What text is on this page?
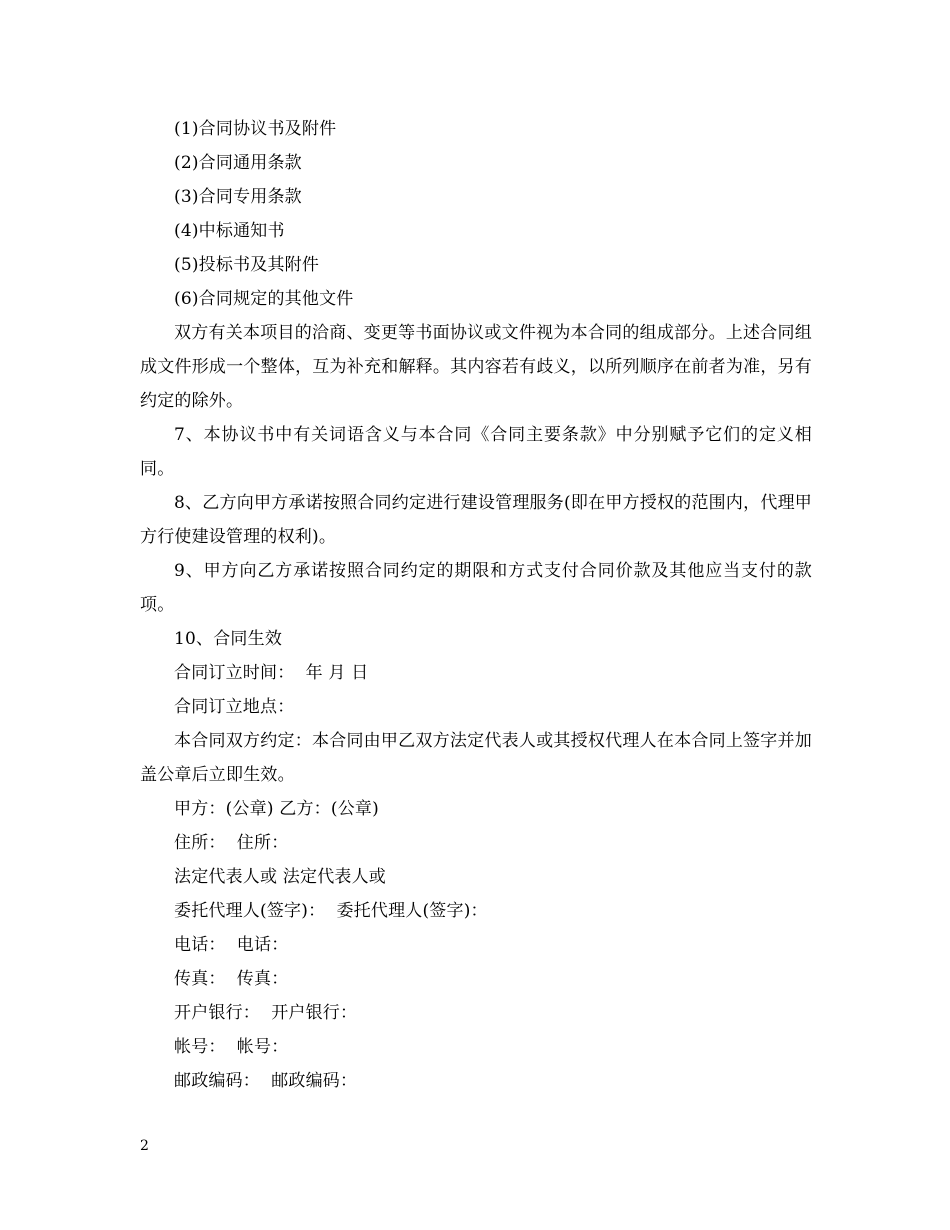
(1)合同协议书及附件

(2)合同通用条款

(3)合同专用条款

(4)中标通知书

(5)投标书及其附件

(6)合同规定的其他文件

双方有关本项目的洽商、变更等书面协议或文件视为本合同的组成部分。上述合同组成文件形成一个整体，互为补充和解释。其内容若有歧义，以所列顺序在前者为准，另有约定的除外。

7、本协议书中有关词语含义与本合同《合同主要条款》中分别赋予它们的定义相同。

8、乙方向甲方承诺按照合同约定进行建设管理服务(即在甲方授权的范围内，代理甲方行使建设管理的权利)。

9、甲方向乙方承诺按照合同约定的期限和方式支付合同价款及其他应当支付的款项。

10、合同生效

合同订立时间：  年 月 日

合同订立地点：

本合同双方约定：本合同由甲乙双方法定代表人或其授权代理人在本合同上签字并加盖公章后立即生效。

甲方：(公章) 乙方：(公章)

住所：  住所：

法定代表人或 法定代表人或

委托代理人(签字)：  委托代理人(签字)：

电话：  电话：

传真：  传真：

开户银行：  开户银行：

帐号：  帐号：

邮政编码：  邮政编码：

2
